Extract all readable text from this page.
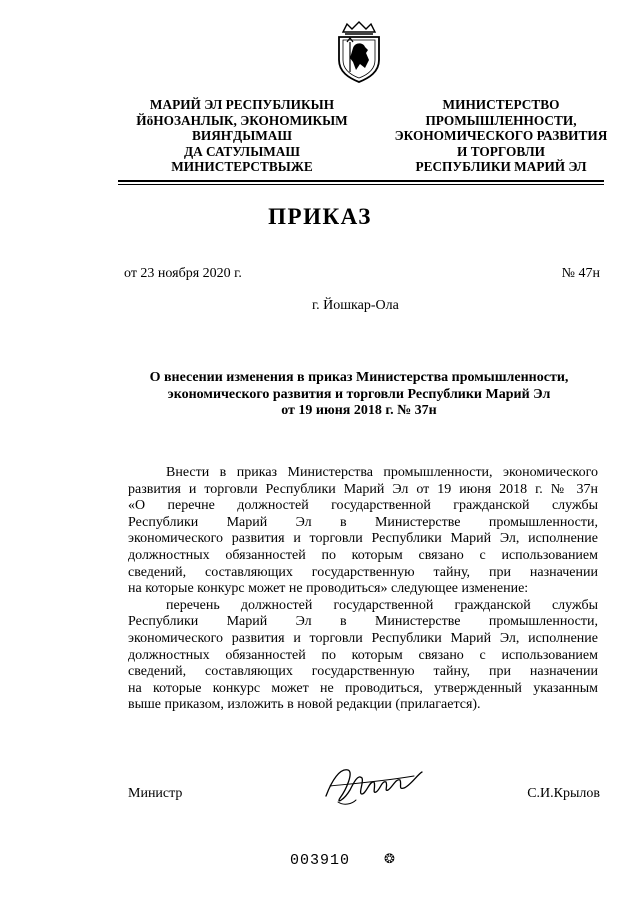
МАРИЙ ЭЛ РЕСПУБЛИКЫН
ЙӧНОЗАНЛЫК, ЭКОНОМИКЫМ
ВИЯҤДЫМАШ
ДА САТУЛЫМАШ
МИНИСТЕРСТВЫЖЕ
МИНИСТЕРСТВО
ПРОМЫШЛЕННОСТИ,
ЭКОНОМИЧЕСКОГО РАЗВИТИЯ
И ТОРГОВЛИ
РЕСПУБЛИКИ МАРИЙ ЭЛ
ПРИКАЗ
от 23 ноября 2020 г.	№ 47н
г. Йошкар-Ола
О внесении изменения в приказ Министерства промышленности,
экономического развития и торговли Республики Марий Эл
от 19 июня 2018 г. № 37н
Внести в приказ Министерства промышленности, экономического
развития и торговли Республики Марий Эл от 19 июня 2018 г. № 37н
«О перечне должностей государственной гражданской службы
Республики Марий Эл в Министерстве промышленности,
экономического развития и торговли Республики Марий Эл, исполнение
должностных обязанностей по которым связано с использованием
сведений, составляющих государственную тайну, при назначении
на которые конкурс может не проводиться» следующее изменение:
перечень должностей государственной гражданской службы
Республики Марий Эл в Министерстве промышленности,
экономического развития и торговли Республики Марий Эл, исполнение
должностных обязанностей по которым связано с использованием
сведений, составляющих государственную тайну, при назначении
на которые конкурс может не проводиться, утвержденный указанным
выше приказом, изложить в новой редакции (прилагается).
Министр	С.И.Крылов
003910	❂
